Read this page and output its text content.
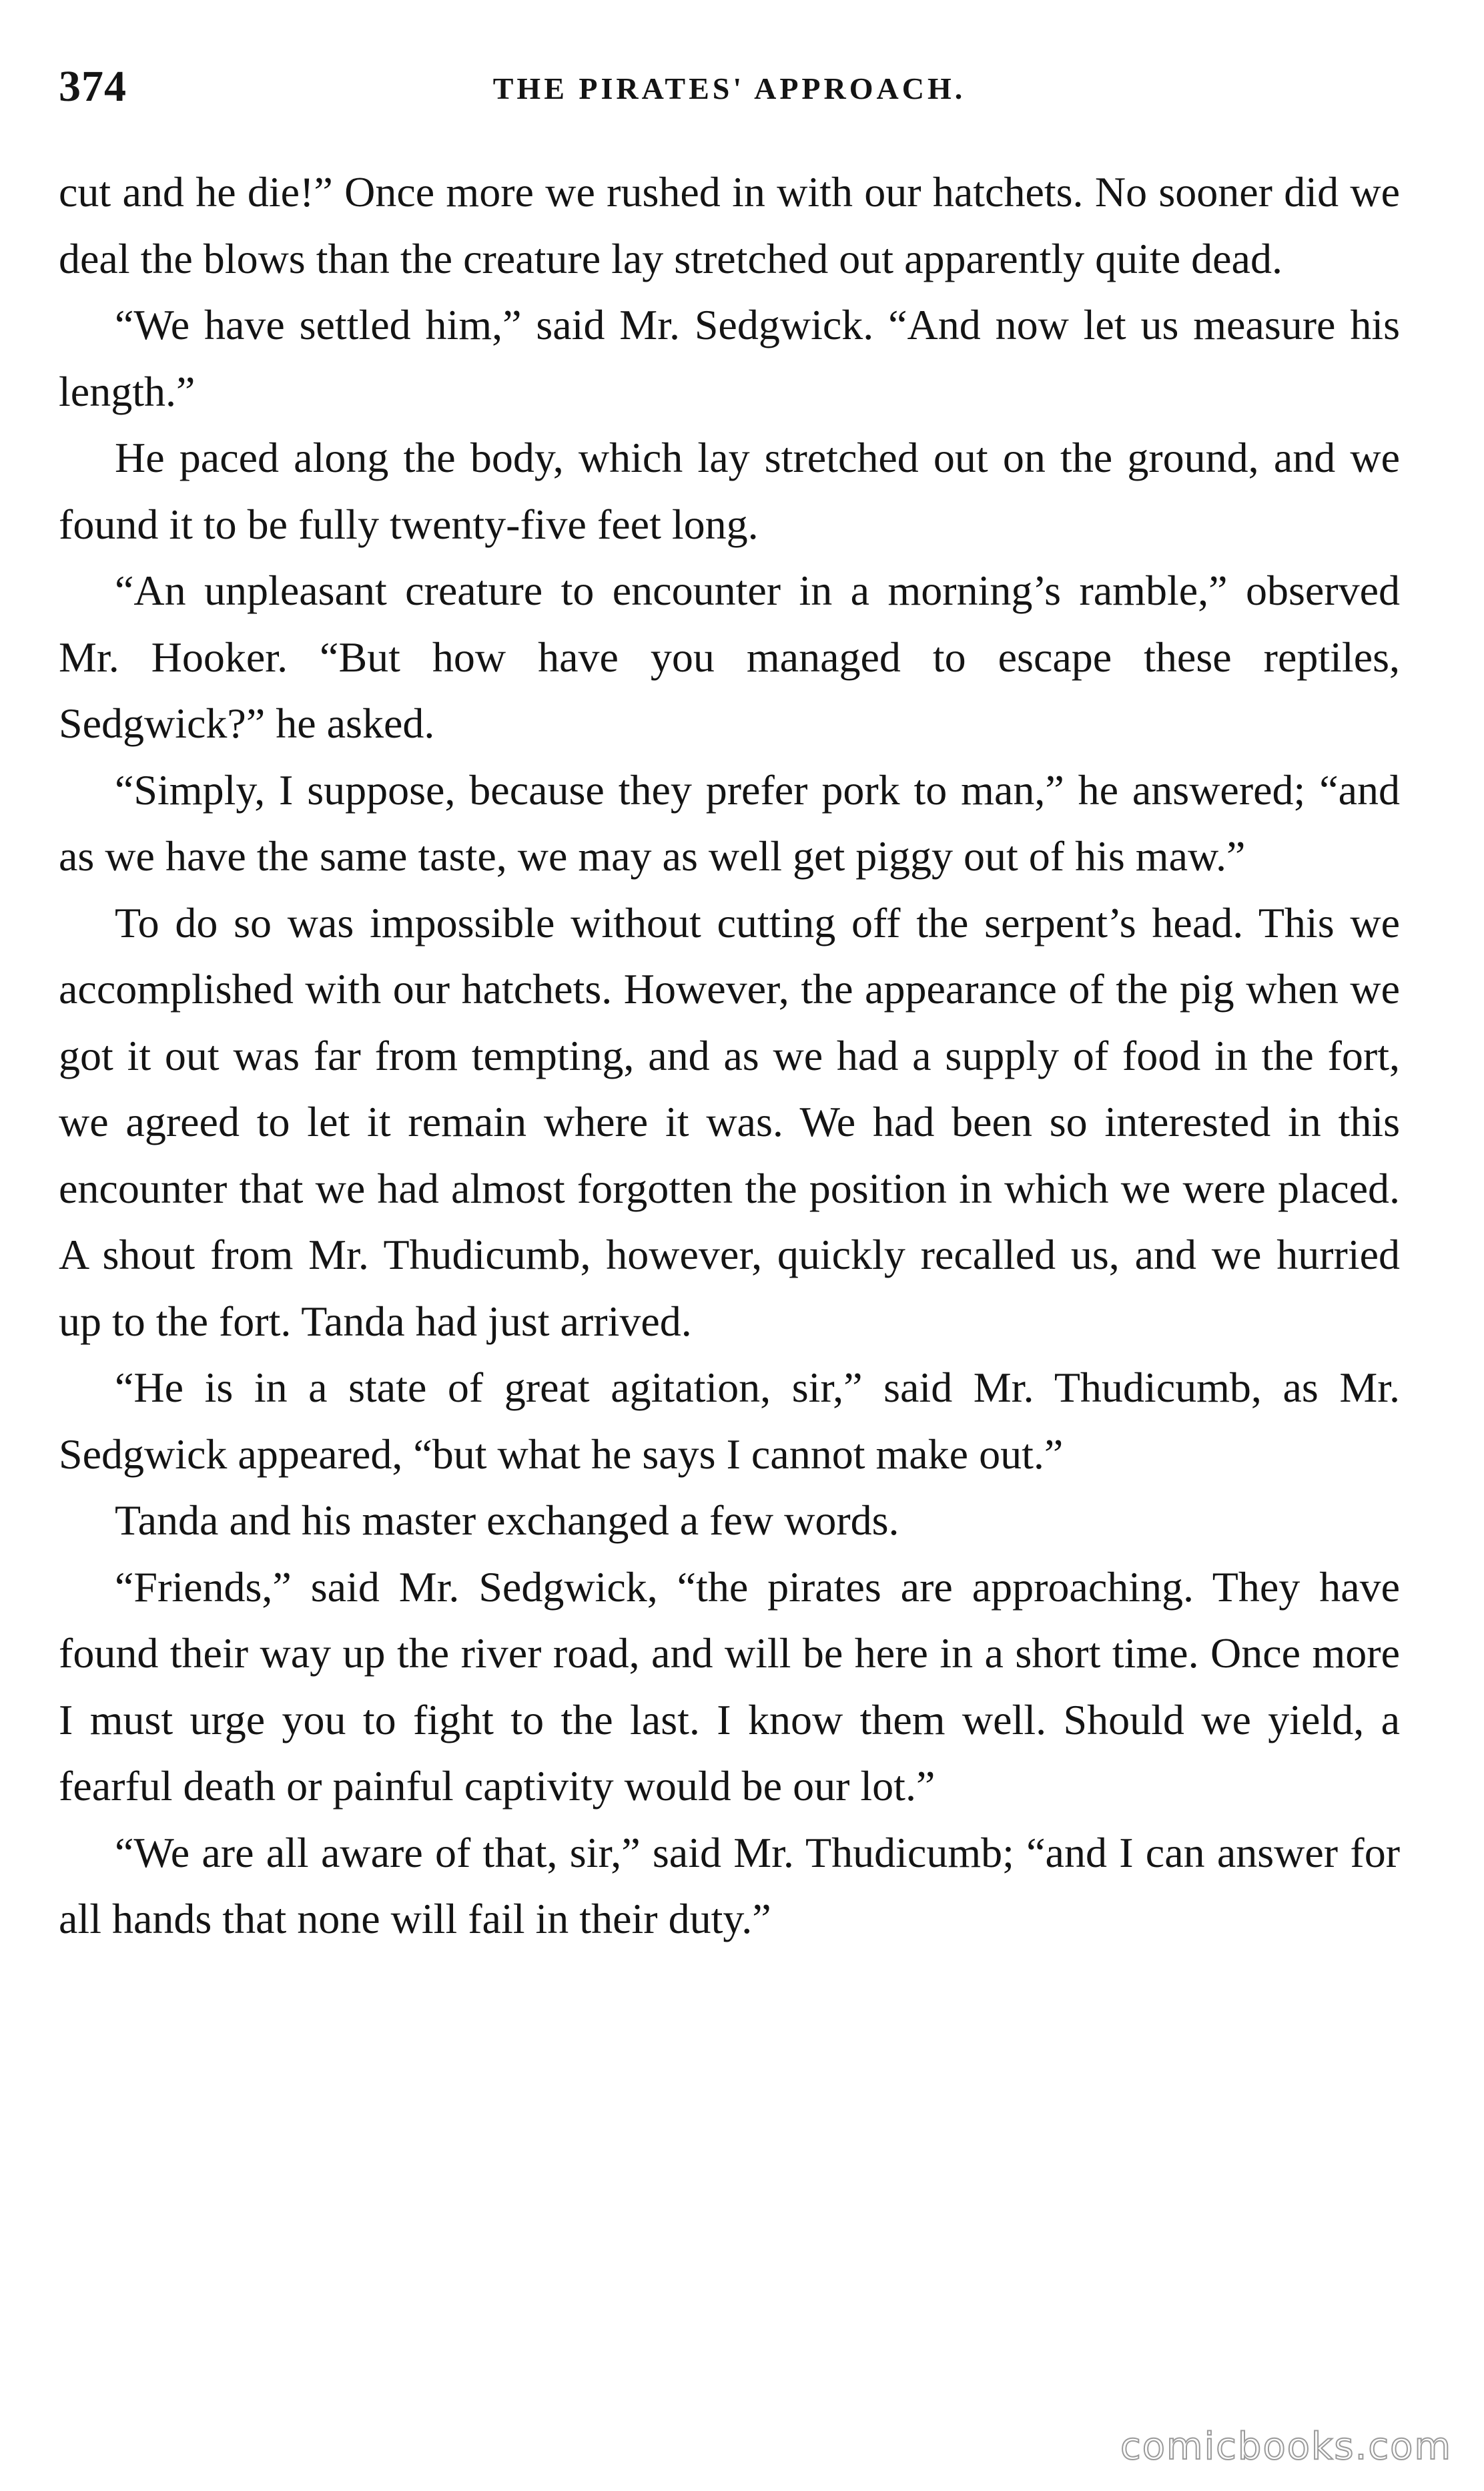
374	THE PIRATES' APPROACH.

cut and he die!” Once more we rushed in with our hatchets. No sooner did we deal the blows than the creature lay stretched out apparently quite dead.

“We have settled him,” said Mr. Sedgwick. “And now let us measure his length.”

He paced along the body, which lay stretched out on the ground, and we found it to be fully twenty-five feet long.

“An unpleasant creature to encounter in a morning’s ramble,” observed Mr. Hooker. “But how have you managed to escape these reptiles, Sedgwick?” he asked.

“Simply, I suppose, because they prefer pork to man,” he answered; “and as we have the same taste, we may as well get piggy out of his maw.”

To do so was impossible without cutting off the serpent’s head. This we accomplished with our hatchets. However, the appearance of the pig when we got it out was far from tempting, and as we had a supply of food in the fort, we agreed to let it remain where it was. We had been so interested in this encounter that we had almost forgotten the position in which we were placed. A shout from Mr. Thudicumb, however, quickly recalled us, and we hurried up to the fort. Tanda had just arrived.

“He is in a state of great agitation, sir,” said Mr. Thudicumb, as Mr. Sedgwick appeared, “but what he says I cannot make out.”

Tanda and his master exchanged a few words.

“Friends,” said Mr. Sedgwick, “the pirates are approaching. They have found their way up the river road, and will be here in a short time. Once more I must urge you to fight to the last. I know them well. Should we yield, a fearful death or painful captivity would be our lot.”

“We are all aware of that, sir,” said Mr. Thudicumb; “and I can answer for all hands that none will fail in their duty.”

comicbooks.com
